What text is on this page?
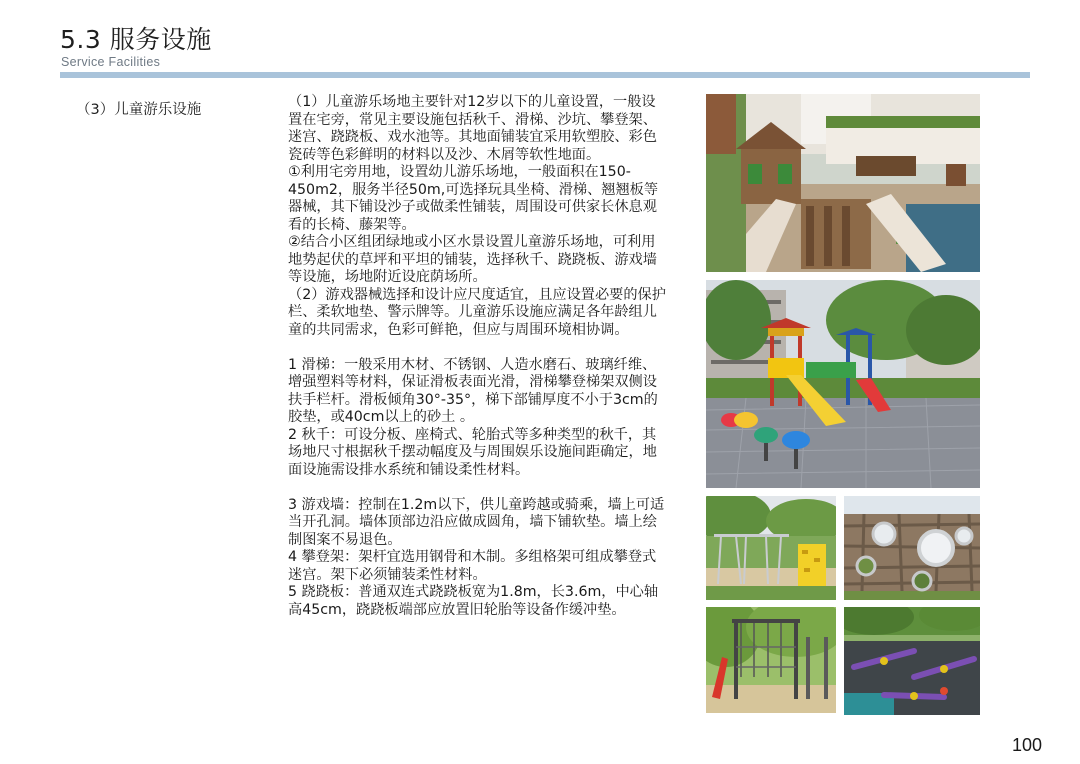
5.3 服务设施
Service Facilities
（3）儿童游乐设施	（1）儿童游乐场地主要针对12岁以下的儿童设置，一般设置在宅旁，常见主要设施包括秋千、滑梯、沙坑、攀登架、迷宫、跷跷板、戏水池等。其地面铺装宜采用软塑胶、彩色瓷砖等色彩鲜明的材料以及沙、木屑等软性地面。

①利用宅旁用地，设置幼儿游乐场地，一般面积在150-450m2，服务半径50m,可选择玩具坐椅、滑梯、翘翘板等器械，其下铺设沙子或做柔性铺装，周围设可供家长休息观看的长椅、藤架等。

②结合小区组团绿地或小区水景设置儿童游乐场地，可利用地势起伏的草坪和平坦的铺装，选择秋千、跷跷板、游戏墙等设施，场地附近设庇荫场所。

（2）游戏器械选择和设计应尺度适宜，且应设置必要的保护栏、柔软地垫、警示牌等。儿童游乐设施应满足各年龄组儿童的共同需求，色彩可鲜艳，但应与周围环境相协调。

1 滑梯：一般采用木材、不锈钢、人造水磨石、玻璃纤维、增强塑料等材料，保证滑板表面光滑，滑梯攀登梯架双侧设扶手栏杆。滑板倾角30°-35°，梯下部铺厚度不小于3cm的胶垫，或40cm以上的砂土 。

2 秋千：可设分板、座椅式、轮胎式等多种类型的秋千，其场地尺寸根据秋千摆动幅度及与周围娱乐设施间距确定，地面设施需设排水系统和铺设柔性材料。

3 游戏墙：控制在1.2m以下，供儿童跨越或骑乘，墙上可适当开孔洞。墙体顶部边沿应做成圆角，墙下铺软垫。墙上绘制图案不易退色。

4 攀登架：架杆宜选用钢骨和木制。多组格架可组成攀登式迷宫。架下必须铺装柔性材料。

5 跷跷板：普通双连式跷跷板宽为1.8m，长3.6m，中心轴高45cm，跷跷板端部应放置旧轮胎等设备作缓冲垫。

100
